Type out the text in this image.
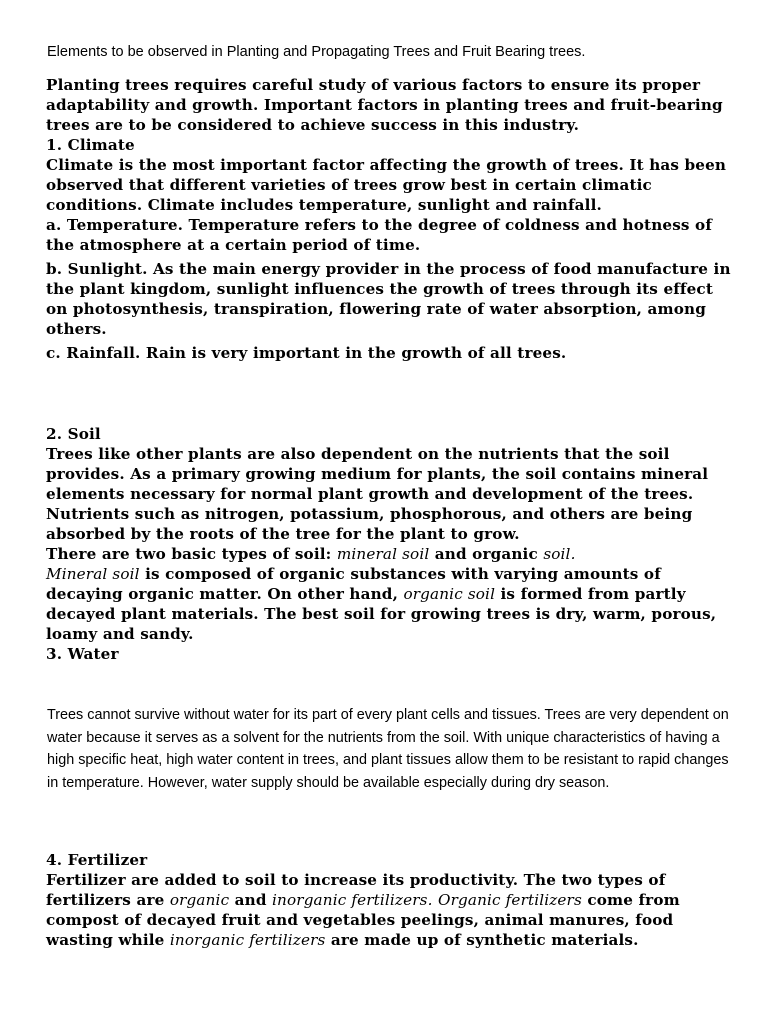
Elements to be observed in Planting and Propagating Trees and Fruit Bearing trees.

Planting trees requires careful study of various factors to ensure its proper adaptability and growth. Important factors in planting trees and fruit-bearing trees are to be considered to achieve success in this industry.

1. Climate

Climate is the most important factor affecting the growth of trees. It has been observed that different varieties of trees grow best in certain climatic conditions. Climate includes temperature, sunlight and rainfall.

a. Temperature. Temperature refers to the degree of coldness and hotness of the atmosphere at a certain period of time.

b. Sunlight. As the main energy provider in the process of food manufacture in the plant kingdom, sunlight influences the growth of trees through its effect on photosynthesis, transpiration, flowering rate of water absorption, among others.

c. Rainfall. Rain is very important in the growth of all trees.

2. Soil

Trees like other plants are also dependent on the nutrients that the soil provides. As a primary growing medium for plants, the soil contains mineral elements necessary for normal plant growth and development of the trees. Nutrients such as nitrogen, potassium, phosphorous, and others are being absorbed by the roots of the tree for the plant to grow.

There are two basic types of soil: mineral soil and organic soil.
Mineral soil is composed of organic substances with varying amounts of decaying organic matter. On other hand, organic soil is formed from partly decayed plant materials. The best soil for growing trees is dry, warm, porous, loamy and sandy.

3. Water

Trees cannot survive without water for its part of every plant cells and tissues. Trees are very dependent on water because it serves as a solvent for the nutrients from the soil. With unique characteristics of having a high specific heat, high water content in trees, and plant tissues allow them to be resistant to rapid changes in temperature. However, water supply should be available especially during dry season.

4. Fertilizer

Fertilizer are added to soil to increase its productivity. The two types of fertilizers are organic and inorganic fertilizers. Organic fertilizers come from compost of decayed fruit and vegetables peelings, animal manures, food wasting while inorganic fertilizers are made up of synthetic materials.
